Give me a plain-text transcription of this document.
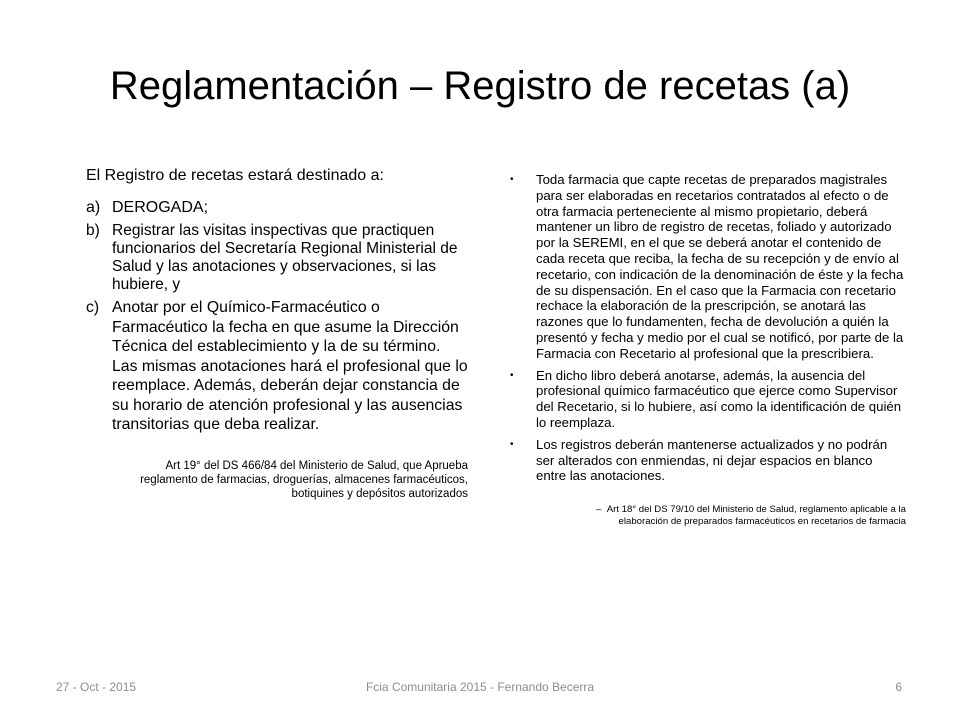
Reglamentación – Registro de recetas (a)

El Registro de recetas estará destinado a:

a) DEROGADA;
b) Registrar las visitas inspectivas que practiquen funcionarios del Secretaría Regional Ministerial de Salud y las anotaciones y observaciones, si las hubiere, y
c) Anotar por el Químico-Farmacéutico o Farmacéutico la fecha en que asume la Dirección Técnica del establecimiento y la de su término. Las mismas anotaciones hará el profesional que lo reemplace. Además, deberán dejar constancia de su horario de atención profesional y las ausencias transitorias que deba realizar.
Art 19° del DS 466/84 del Ministerio de Salud, que Aprueba reglamento de farmacias, droguerías, almacenes farmacéuticos, botiquines y depósitos autorizados
• Toda farmacia que capte recetas de preparados magistrales para ser elaboradas en recetarios contratados al efecto o de otra farmacia perteneciente al mismo propietario, deberá mantener un libro de registro de recetas, foliado y autorizado por la SEREMI, en el que se deberá anotar el contenido de cada receta que reciba, la fecha de su recepción y de envío al recetario, con indicación de la denominación de éste y la fecha de su dispensación. En el caso que la Farmacia con recetario rechace la elaboración de la prescripción, se anotará las razones que lo fundamenten, fecha de devolución a quién la presentó y fecha y medio por el cual se notificó, por parte de la Farmacia con Recetario al profesional que la prescribiera.
• En dicho libro deberá anotarse, además, la ausencia del profesional químico farmacéutico que ejerce como Supervisor del Recetario, si lo hubiere, así como la identificación de quién lo reemplaza.
• Los registros deberán mantenerse actualizados y no podrán ser alterados con enmiendas, ni dejar espacios en blanco entre las anotaciones.
– Art 18° del DS 79/10 del Ministerio de Salud, reglamento aplicable a la elaboración de preparados farmacéuticos en recetarios de farmacia
27 - Oct - 2015	Fcia Comunitaria 2015 - Fernando Becerra	6
